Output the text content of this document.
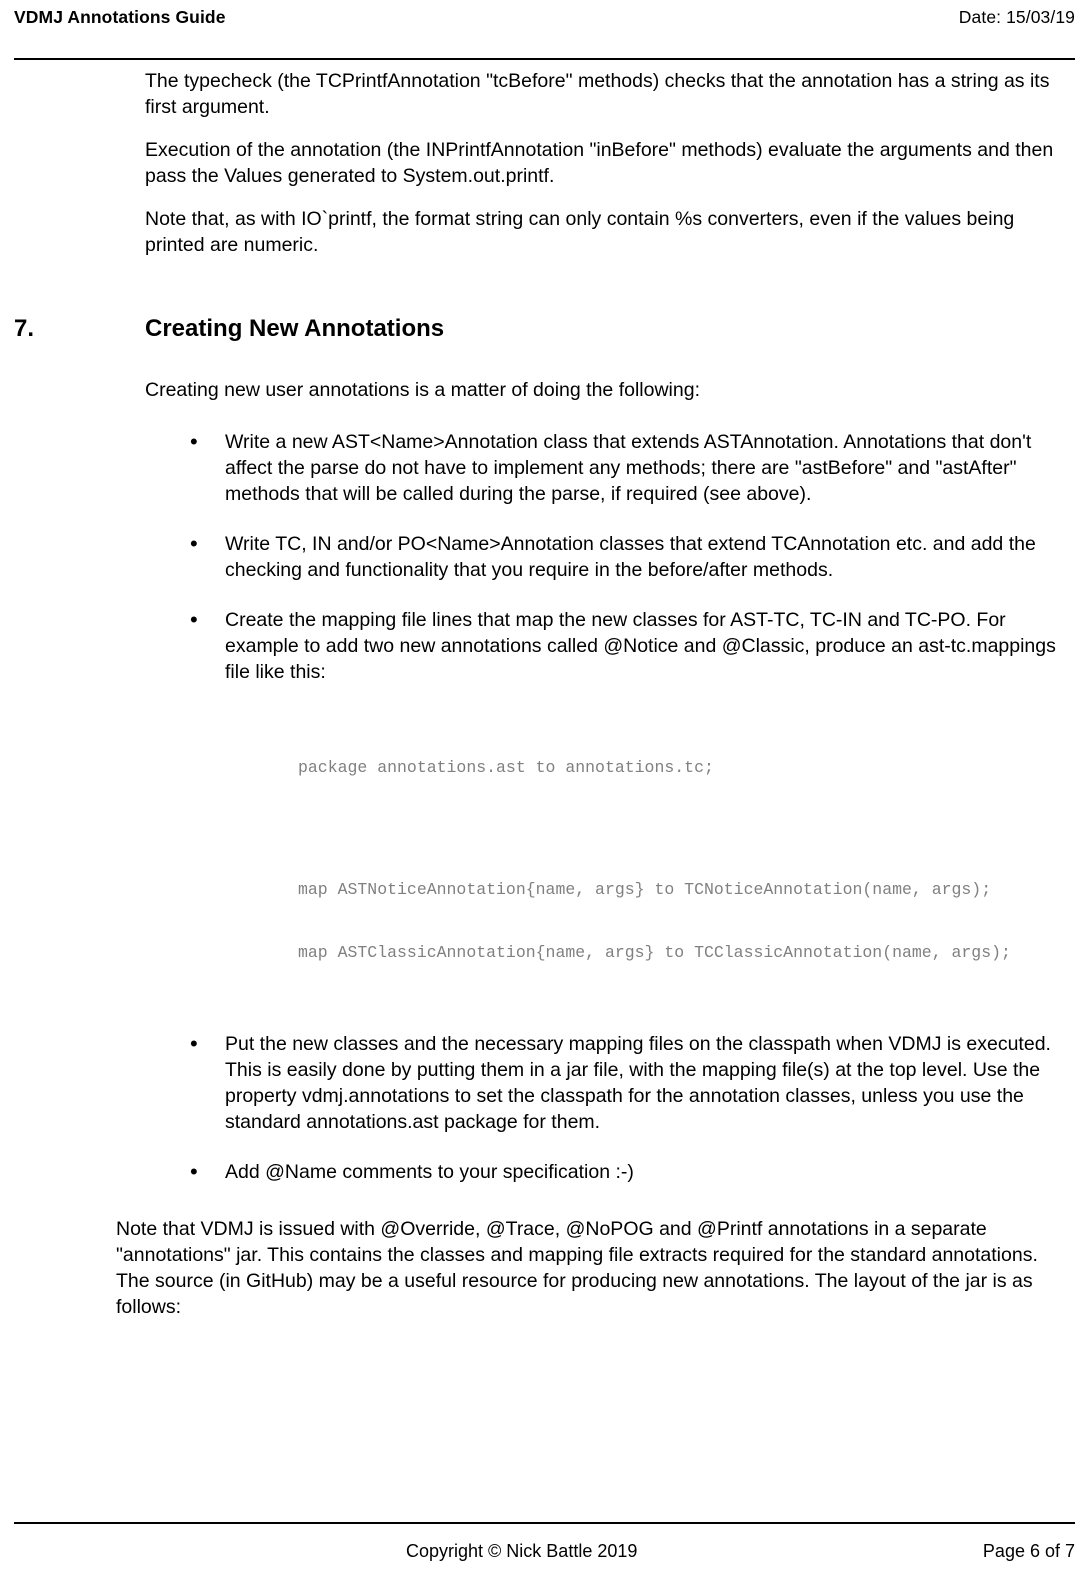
VDMJ Annotations Guide	Date: 15/03/19

The typecheck (the TCPrintfAnnotation "tcBefore" methods) checks that the annotation has a string as its first argument.

Execution of the annotation (the INPrintfAnnotation "inBefore" methods) evaluate the arguments and then pass the Values generated to System.out.printf.

Note that, as with IO`printf, the format string can only contain %s converters, even if the values being printed are numeric.

7.	Creating New Annotations

Creating new user annotations is a matter of doing the following:

• Write a new AST<Name>Annotation class that extends ASTAnnotation. Annotations that don't affect the parse do not have to implement any methods; there are "astBefore" and "astAfter" methods that will be called during the parse, if required (see above).
• Write TC, IN and/or PO<Name>Annotation classes that extend TCAnnotation etc. and add the checking and functionality that you require in the before/after methods.
• Create the mapping file lines that map the new classes for AST-TC, TC-IN and TC-PO. For example to add two new annotations called @Notice and @Classic, produce an ast-tc.mappings file like this:

package annotations.ast to annotations.tc;

map ASTNoticeAnnotation{name, args} to TCNoticeAnnotation(name, args);

map ASTClassicAnnotation{name, args} to TCClassicAnnotation(name, args);

• Put the new classes and the necessary mapping files on the classpath when VDMJ is executed. This is easily done by putting them in a jar file, with the mapping file(s) at the top level. Use the property vdmj.annotations to set the classpath for the annotation classes, unless you use the standard annotations.ast package for them.
• Add @Name comments to your specification :-)

Note that VDMJ is issued with @Override, @Trace, @NoPOG and @Printf annotations in a separate "annotations" jar. This contains the classes and mapping file extracts required for the standard annotations. The source (in GitHub) may be a useful resource for producing new annotations. The layout of the jar is as follows:

Copyright © Nick Battle 2019	Page 6 of 7
